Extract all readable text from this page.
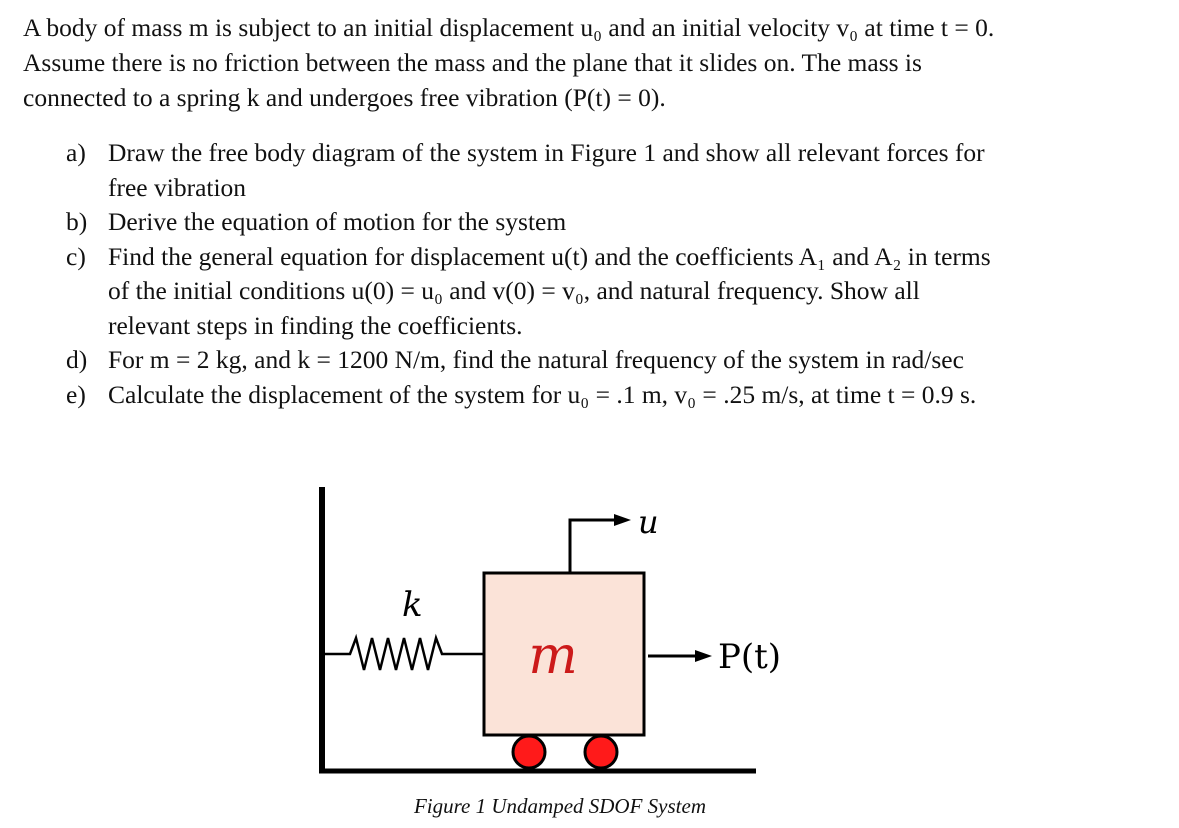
A body of mass m is subject to an initial displacement u₀ and an initial velocity v₀ at time t = 0.
Assume there is no friction between the mass and the plane that it slides on. The mass is
connected to a spring k and undergoes free vibration (P(t) = 0).
a) Draw the free body diagram of the system in Figure 1 and show all relevant forces for
free vibration
b) Derive the equation of motion for the system
c) Find the general equation for displacement u(t) and the coefficients A₁ and A₂ in terms
of the initial conditions u(0) = u₀ and v(0) = v₀, and natural frequency. Show all
relevant steps in finding the coefficients.
d) For m = 2 kg, and k = 1200 N/m, find the natural frequency of the system in rad/sec
e) Calculate the displacement of the system for u₀ = .1 m, v₀ = .25 m/s, at time t = 0.9 s.
k
m
u
P(t)
Figure 1 Undamped SDOF System
